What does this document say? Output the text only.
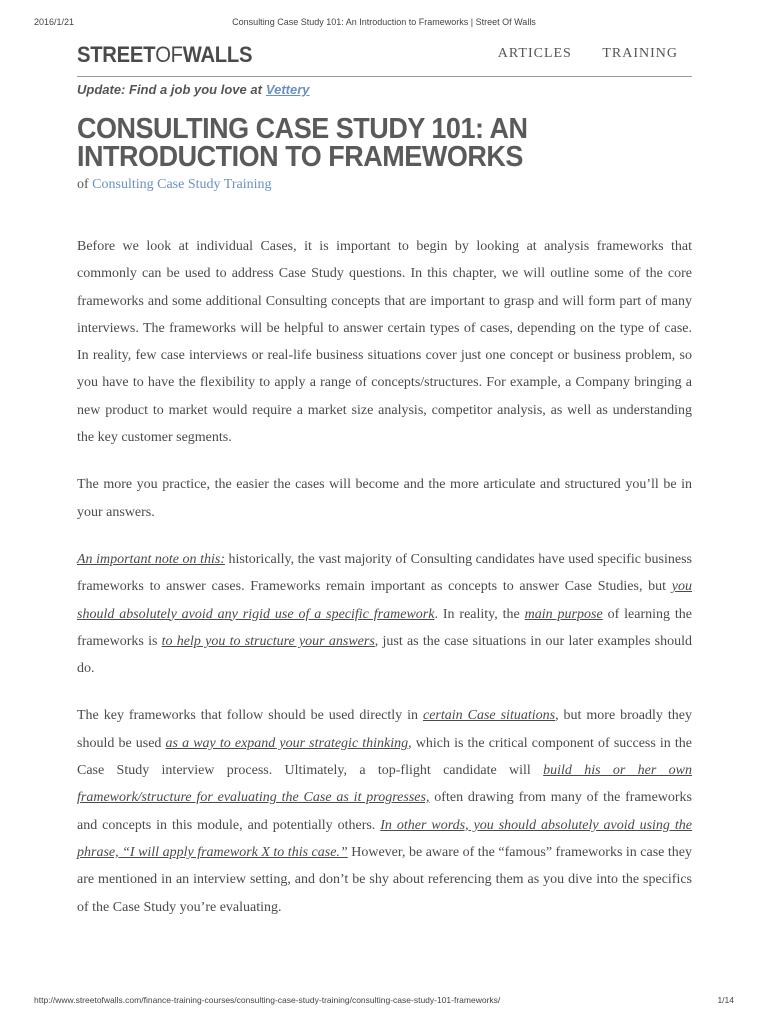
2016/1/21	Consulting Case Study 101: An Introduction to Frameworks | Street Of Walls
STREETOFWALLS	ARTICLES TRAINING
Update: Find a job you love at Vettery
CONSULTING CASE STUDY 101: AN INTRODUCTION TO FRAMEWORKS
of Consulting Case Study Training

Before we look at individual Cases, it is important to begin by looking at analysis frameworks that commonly can be used to address Case Study questions. In this chapter, we will outline some of the core frameworks and some additional Consulting concepts that are important to grasp and will form part of many interviews. The frameworks will be helpful to answer certain types of cases, depending on the type of case. In reality, few case interviews or real-life business situations cover just one concept or business problem, so you have to have the flexibility to apply a range of concepts/structures. For example, a Company bringing a new product to market would require a market size analysis, competitor analysis, as well as understanding the key customer segments.

The more you practice, the easier the cases will become and the more articulate and structured you’ll be in your answers.

An important note on this: historically, the vast majority of Consulting candidates have used specific business frameworks to answer cases. Frameworks remain important as concepts to answer Case Studies, but you should absolutely avoid any rigid use of a specific framework. In reality, the main purpose of learning the frameworks is to help you to structure your answers, just as the case situations in our later examples should do.

The key frameworks that follow should be used directly in certain Case situations, but more broadly they should be used as a way to expand your strategic thinking, which is the critical component of success in the Case Study interview process. Ultimately, a top-flight candidate will build his or her own framework/structure for evaluating the Case as it progresses, often drawing from many of the frameworks and concepts in this module, and potentially others. In other words, you should absolutely avoid using the phrase, “I will apply framework X to this case.” However, be aware of the “famous” frameworks in case they are mentioned in an interview setting, and don’t be shy about referencing them as you dive into the specifics of the Case Study you’re evaluating.

http://www.streetofwalls.com/finance-training-courses/consulting-case-study-training/consulting-case-study-101-frameworks/	1/14
